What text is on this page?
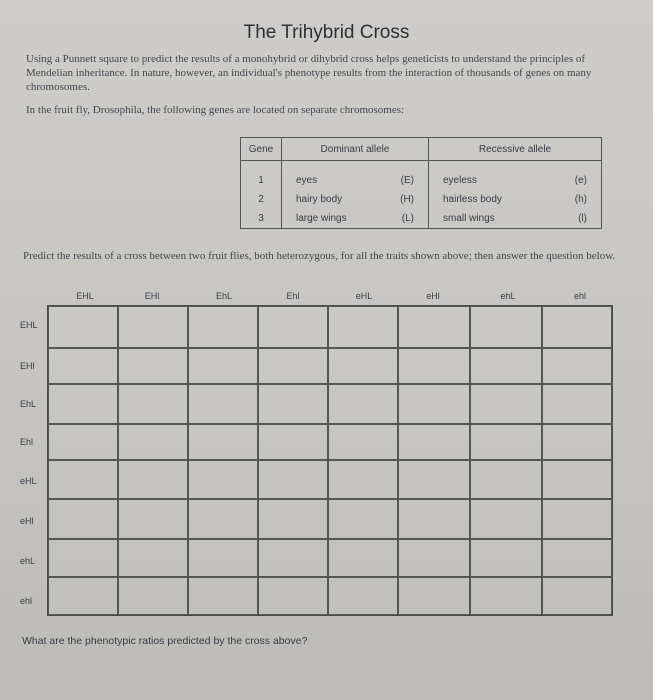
The Trihybrid Cross
Using a Punnett square to predict the results of a monohybrid or dihybrid cross helps geneticists to understand the principles of Mendelian inheritance. In nature, however, an individual's phenotype results from the interaction of thousands of genes on many chromosomes.
In the fruit fly, Drosophila, the following genes are located on separate chromosomes:
Gene	Dominant allele	Recessive allele
1	eyes (E)	eyeless (e)

2	hairy body (H)	hairless body (h)

3	large wings (L)	small wings (l)
Predict the results of a cross between two fruit flies, both heterozygous, for all the traits shown above; then answer the question below.
EHL	EHl	EhL	Ehl	eHL	eHl	ehL	ehl
EHL
EHl
EhL
Ehl
eHL
eHl
ehL
ehl
What are the phenotypic ratios predicted by the cross above?
